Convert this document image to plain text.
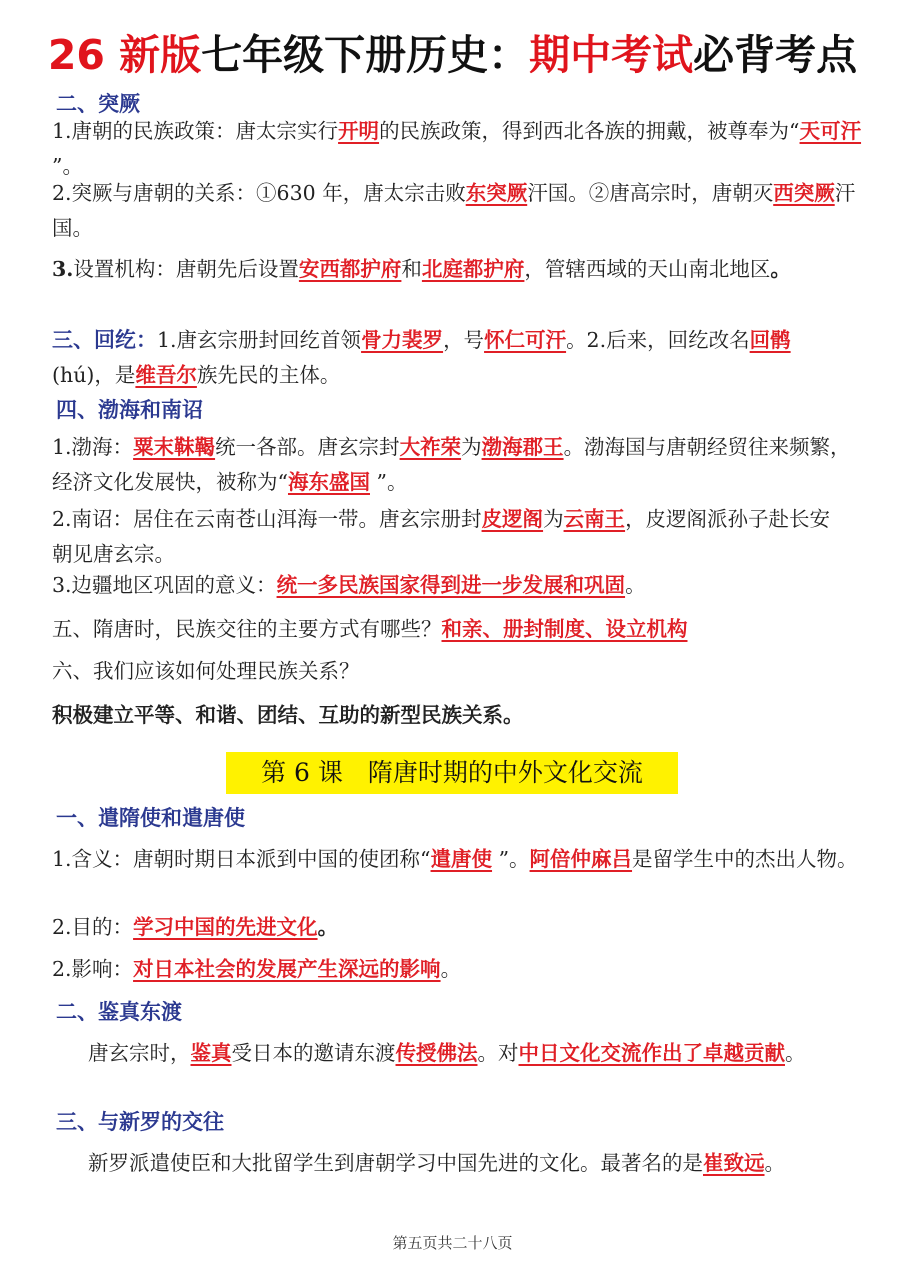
26 新版七年级下册历史：期中考试必背考点
二、突厥
1.唐朝的民族政策：唐太宗实行开明的民族政策，得到西北各族的拥戴，被尊奉为“天可汗 ”。
2.突厥与唐朝的关系：①630 年，唐太宗击败东突厥汗国。②唐高宗时，唐朝灭西突厥汗国。
3.设置机构：唐朝先后设置安西都护府和北庭都护府，管辖西域的天山南北地区。
三、回纥：1.唐玄宗册封回纥首领骨力裴罗，号怀仁可汗。2.后来，回纥改名回鹘(hú)，是维吾尔族先民的主体。
四、渤海和南诏
1.渤海：粟末靺鞨统一各部。唐玄宗封大祚荣为渤海郡王。渤海国与唐朝经贸往来频繁，经济文化发展快，被称为“海东盛国 ”。
2.南诏：居住在云南苍山洱海一带。唐玄宗册封皮逻阁为云南王，皮逻阁派孙子赴长安朝见唐玄宗。
3.边疆地区巩固的意义：统一多民族国家得到进一步发展和巩固。
五、隋唐时，民族交往的主要方式有哪些？和亲、册封制度、设立机构
六、我们应该如何处理民族关系？
积极建立平等、和谐、团结、互助的新型民族关系。
第 6 课　隋唐时期的中外文化交流
一、遣隋使和遣唐使
1.含义：唐朝时期日本派到中国的使团称“遣唐使 ”。阿倍仲麻吕是留学生中的杰出人物。
2.目的：学习中国的先进文化。
2.影响：对日本社会的发展产生深远的影响。
二、鉴真东渡
唐玄宗时，鉴真受日本的邀请东渡传授佛法。对中日文化交流作出了卓越贡献。
三、与新罗的交往
新罗派遣使臣和大批留学生到唐朝学习中国先进的文化。最著名的是崔致远。
第五页共二十八页
